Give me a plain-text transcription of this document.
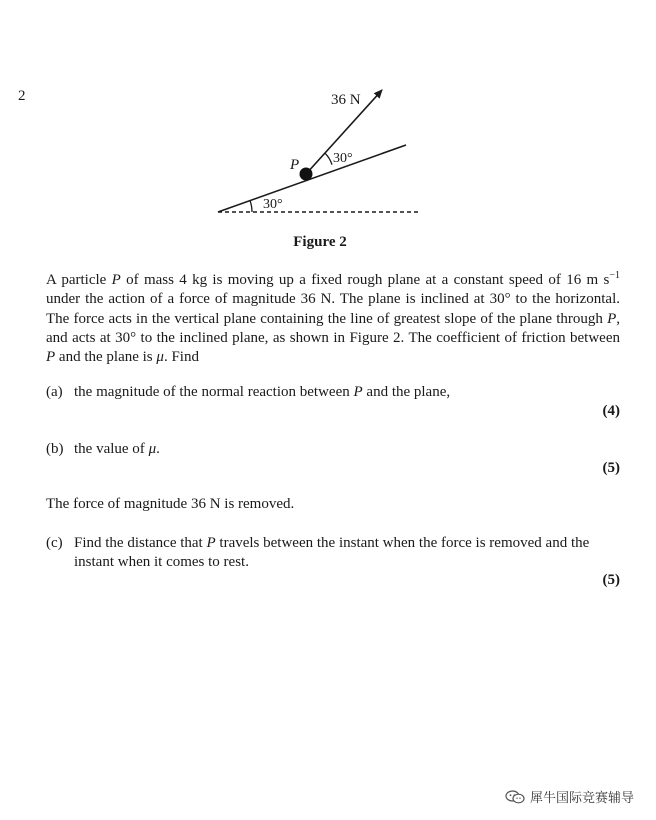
2	36 N
P 30°
30°
Figure 2

A particle P of mass 4 kg is moving up a fixed rough plane at a constant speed of 16 m $s^{-1}$ under the action of a force of magnitude 36 N. The plane is inclined at 30° to the horizontal. The force acts in the vertical plane containing the line of greatest slope of the plane through P, and acts at 30° to the inclined plane, as shown in Figure 2. The coefficient of friction between P and the plane is μ. Find

(a) the magnitude of the normal reaction between P and the plane,
(4)
(b) the value of μ.
(5)
The force of magnitude 36 N is removed.
(c) Find the distance that P travels between the instant when the force is removed and the instant when it comes to rest.
(5)
犀牛国际竞赛辅导
